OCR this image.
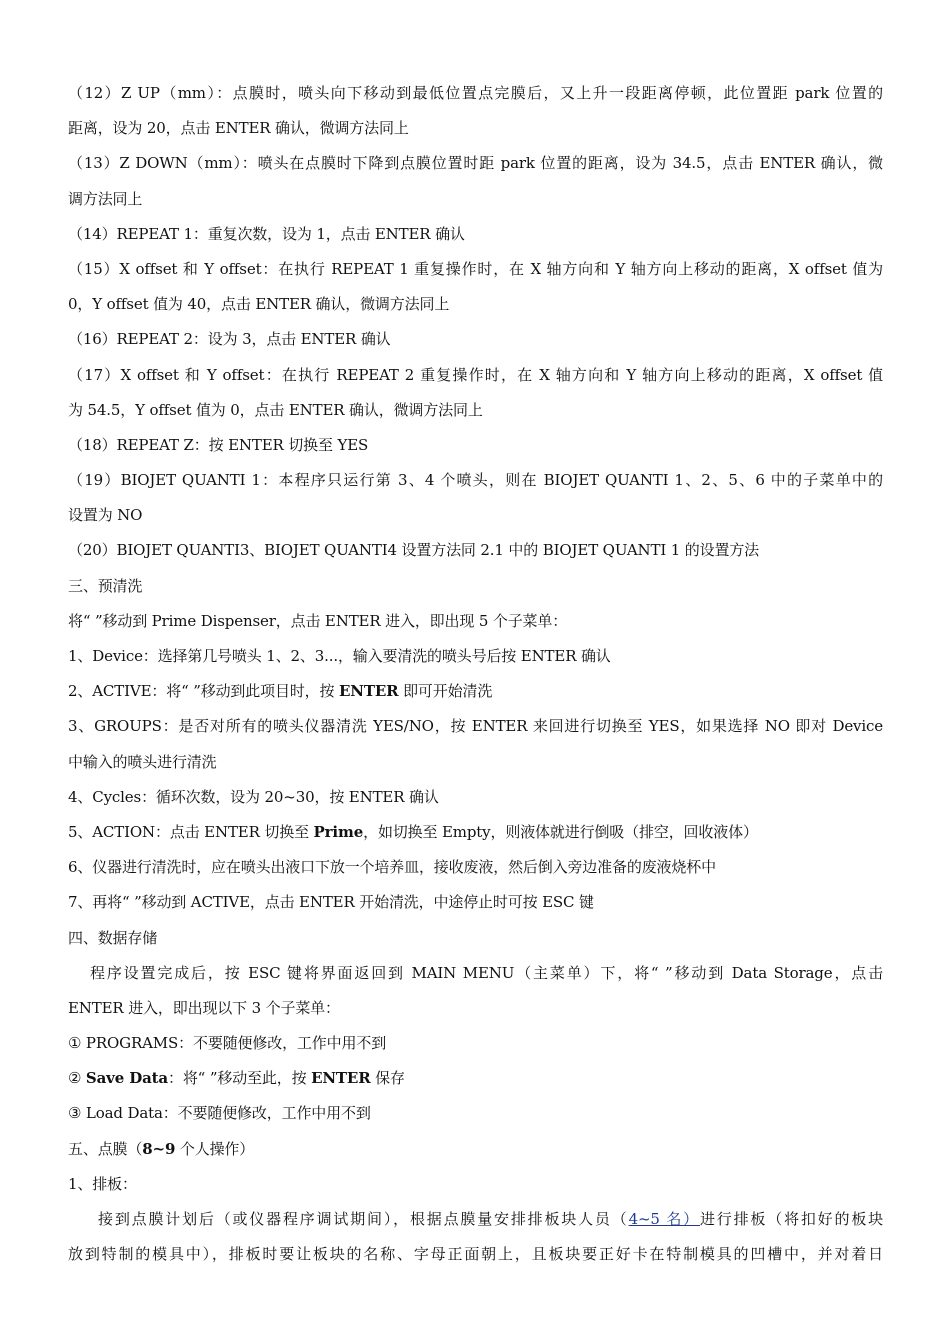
（12）Z UP（mm）：点膜时，喷头向下移动到最低位置点完膜后，又上升一段距离停顿，此位置距 park 位置的
距离，设为 20，点击 ENTER 确认，微调方法同上
（13）Z DOWN（mm）：喷头在点膜时下降到点膜位置时距 park 位置的距离，设为 34.5，点击 ENTER 确认，微
调方法同上
（14）REPEAT 1：重复次数，设为 1，点击 ENTER 确认
（15）X offset 和 Y offset：在执行 REPEAT 1 重复操作时，在 X 轴方向和 Y 轴方向上移动的距离，X offset 值为
0，Y offset 值为 40，点击 ENTER 确认，微调方法同上
（16）REPEAT 2：设为 3，点击 ENTER 确认
（17）X offset 和 Y offset：在执行 REPEAT 2 重复操作时，在 X 轴方向和 Y 轴方向上移动的距离，X offset 值
为 54.5，Y offset 值为 0，点击 ENTER 确认，微调方法同上
（18）REPEAT Z：按 ENTER 切换至 YES
（19）BIOJET QUANTI 1：本程序只运行第 3、4 个喷头，则在 BIOJET QUANTI 1、2、5、6 中的子菜单中的
设置为 NO
（20）BIOJET QUANTI3、BIOJET QUANTI4 设置方法同 2.1 中的 BIOJET QUANTI 1 的设置方法
三、预清洗
将“ ”移动到 Prime Dispenser，点击 ENTER 进入，即出现 5 个子菜单：
1、Device：选择第几号喷头 1、2、3...，输入要清洗的喷头号后按 ENTER 确认
2、ACTIVE：将“ ”移动到此项目时，按 ENTER 即可开始清洗
3、GROUPS：是否对所有的喷头仪器清洗 YES/NO，按 ENTER 来回进行切换至 YES，如果选择 NO 即对 Device
中输入的喷头进行清洗
4、Cycles：循环次数，设为 20~30，按 ENTER 确认
5、ACTION：点击 ENTER 切换至 Prime，如切换至 Empty，则液体就进行倒吸（排空，回收液体）
6、仪器进行清洗时，应在喷头出液口下放一个培养皿，接收废液，然后倒入旁边准备的废液烧杯中
7、再将“ ”移动到 ACTIVE，点击 ENTER 开始清洗，中途停止时可按 ESC 键
四、数据存储
程序设置完成后，按 ESC 键将界面返回到 MAIN MENU（主菜单）下，将“ ”移动到 Data Storage，点击
ENTER 进入，即出现以下 3 个子菜单：
① PROGRAMS：不要随便修改，工作中用不到
② Save Data：将“ ”移动至此，按 ENTER 保存
③ Load Data：不要随便修改，工作中用不到
五、点膜（8~9 个人操作）
1、排板：
接到点膜计划后（或仪器程序调试期间），根据点膜量安排排板块人员（4~5 名）进行排板（将扣好的板块
放到特制的模具中），排板时要让板块的名称、字母正面朝上，且板块要正好卡在特制模具的凹槽中，并对着日
